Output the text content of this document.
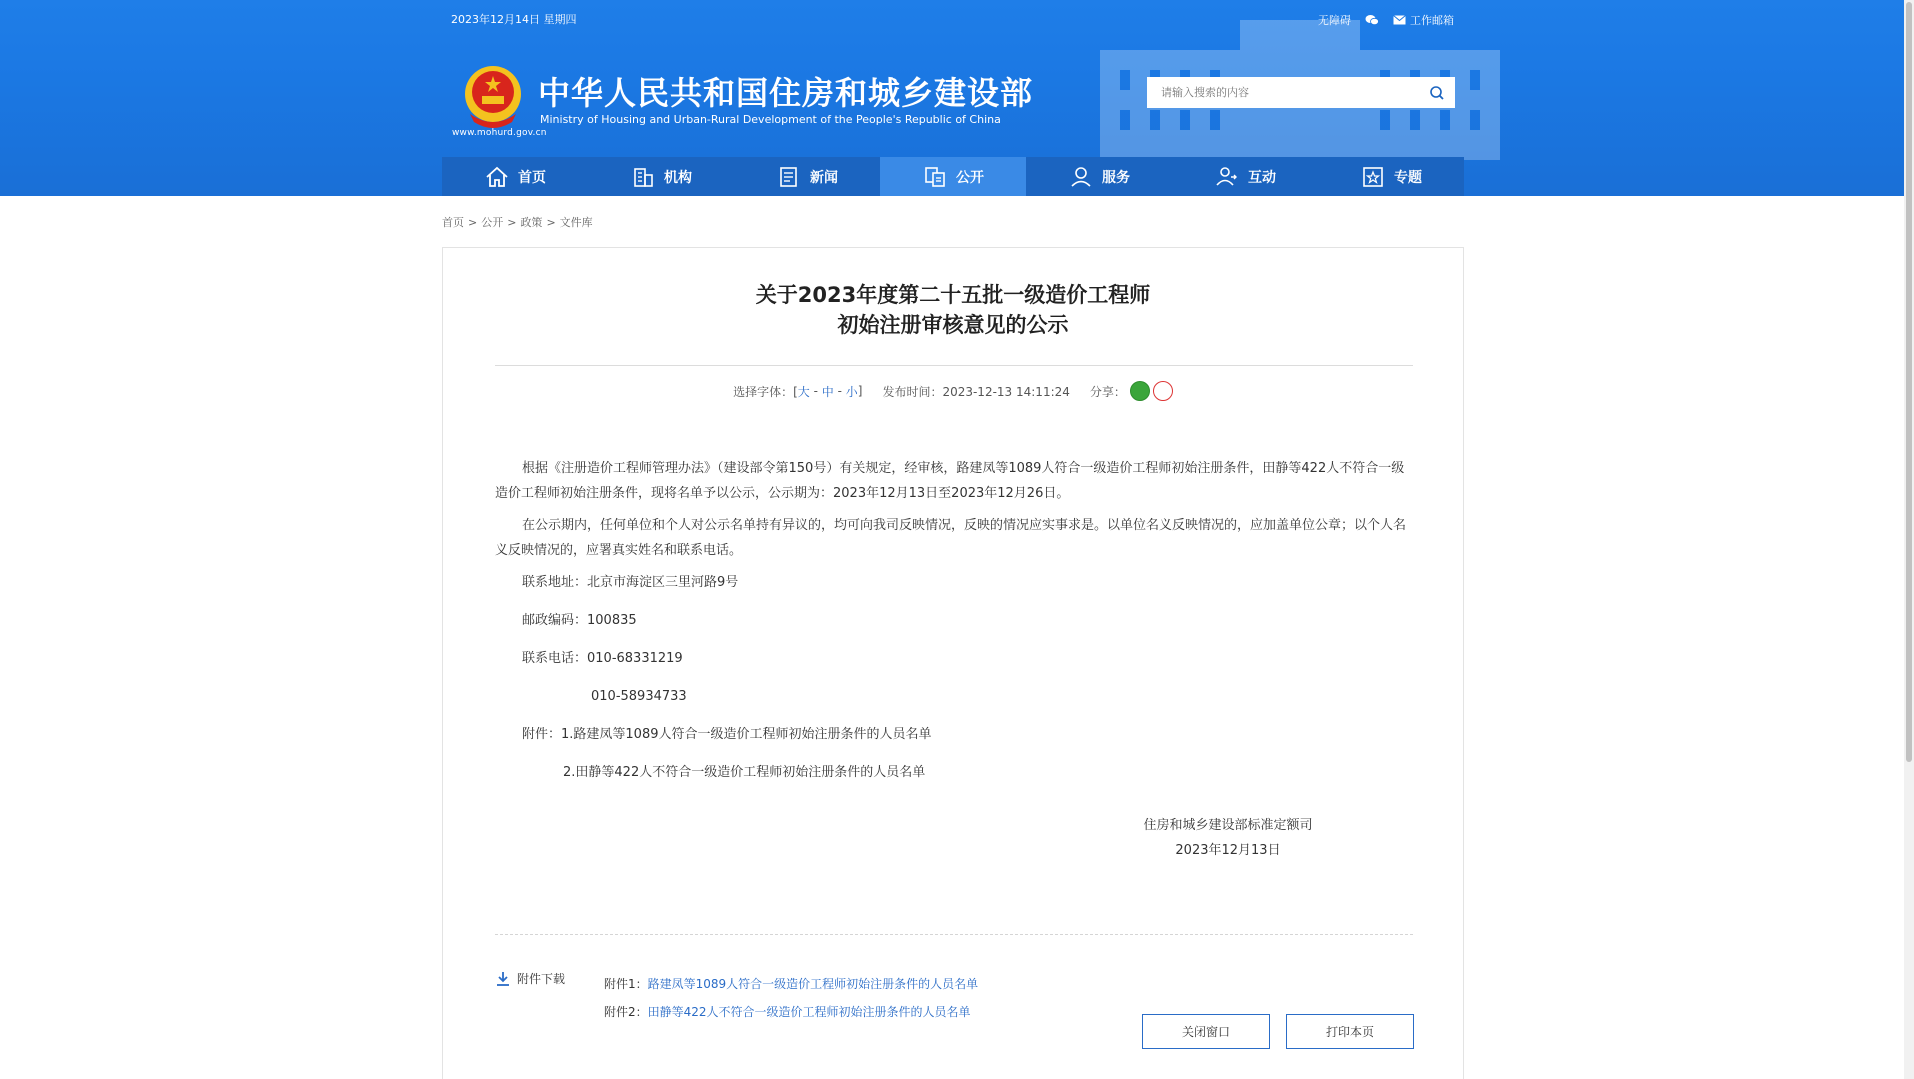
2023年12月14日 星期四	无障碍	工作邮箱
www.mohurd.gov.cn
中华人民共和国住房和城乡建设部
Ministry of Housing and Urban-Rural Development of the People's Republic of China
请输入搜索的内容
首页	机构	新闻	公开	服务	互动	专题
首页 > 公开 > 政策 > 文件库
关于2023年度第二十五批一级造价工程师
初始注册审核意见的公示
选择字体：[ 大 - 中 - 小 ] 发布时间：2023-12-13 14:11:24 分享：

根据《注册造价工程师管理办法》（建设部令第150号）有关规定，经审核，路建凤等1089人符合一级造价工程师初始注册条件，田静等422人不符合一级造价工程师初始注册条件，现将名单予以公示，公示期为：2023年12月13日至2023年12月26日。

在公示期内，任何单位和个人对公示名单持有异议的，均可向我司反映情况，反映的情况应实事求是。以单位名义反映情况的，应加盖单位公章；以个人名义反映情况的，应署真实姓名和联系电话。

联系地址：北京市海淀区三里河路9号

邮政编码：100835

联系电话：010-68331219

010-58934733

附件：1.路建凤等1089人符合一级造价工程师初始注册条件的人员名单

2.田静等422人不符合一级造价工程师初始注册条件的人员名单

住房和城乡建设部标准定额司
2023年12月13日
附件下载	附件1：路建凤等1089人符合一级造价工程师初始注册条件的人员名单
附件2：田静等422人不符合一级造价工程师初始注册条件的人员名单
关闭窗口	打印本页
